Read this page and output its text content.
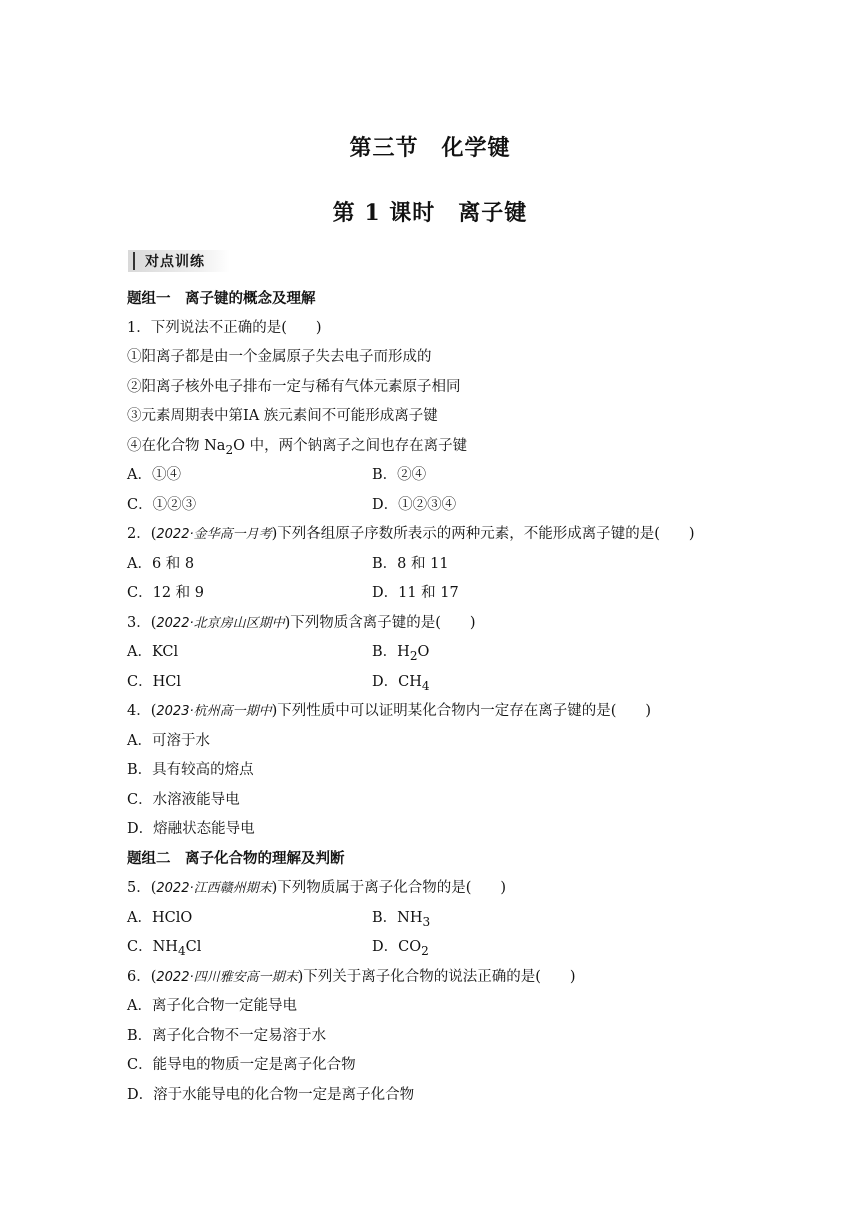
第三节　化学键
第 1 课时　离子键
对点训练
题组一　离子键的概念及理解
1．下列说法不正确的是(　　)
①阳离子都是由一个金属原子失去电子而形成的
②阳离子核外电子排布一定与稀有气体元素原子相同
③元素周期表中第ⅠA 族元素间不可能形成离子键
④在化合物 $Na_2O$ 中，两个钠离子之间也存在离子键
A．①④	B．②④
C．①②③	D．①②③④
2．(2022·金华高一月考)下列各组原子序数所表示的两种元素，不能形成离子键的是(　　)
A．6 和 8	B．8 和 11
C．12 和 9	D．11 和 17
3．(2022·北京房山区期中)下列物质含离子键的是(　　)
A．KCl	B．$H_2O$
C．HCl	D．$CH_4$
4．(2023·杭州高一期中)下列性质中可以证明某化合物内一定存在离子键的是(　　)
A．可溶于水
B．具有较高的熔点
C．水溶液能导电
D．熔融状态能导电
题组二　离子化合物的理解及判断
5．(2022·江西赣州期末)下列物质属于离子化合物的是(　　)
A．HClO	B．$NH_3$
C．$NH_4Cl$	D．$CO_2$
6．(2022·四川雅安高一期末)下列关于离子化合物的说法正确的是(　　)
A．离子化合物一定能导电
B．离子化合物不一定易溶于水
C．能导电的物质一定是离子化合物
D．溶于水能导电的化合物一定是离子化合物
